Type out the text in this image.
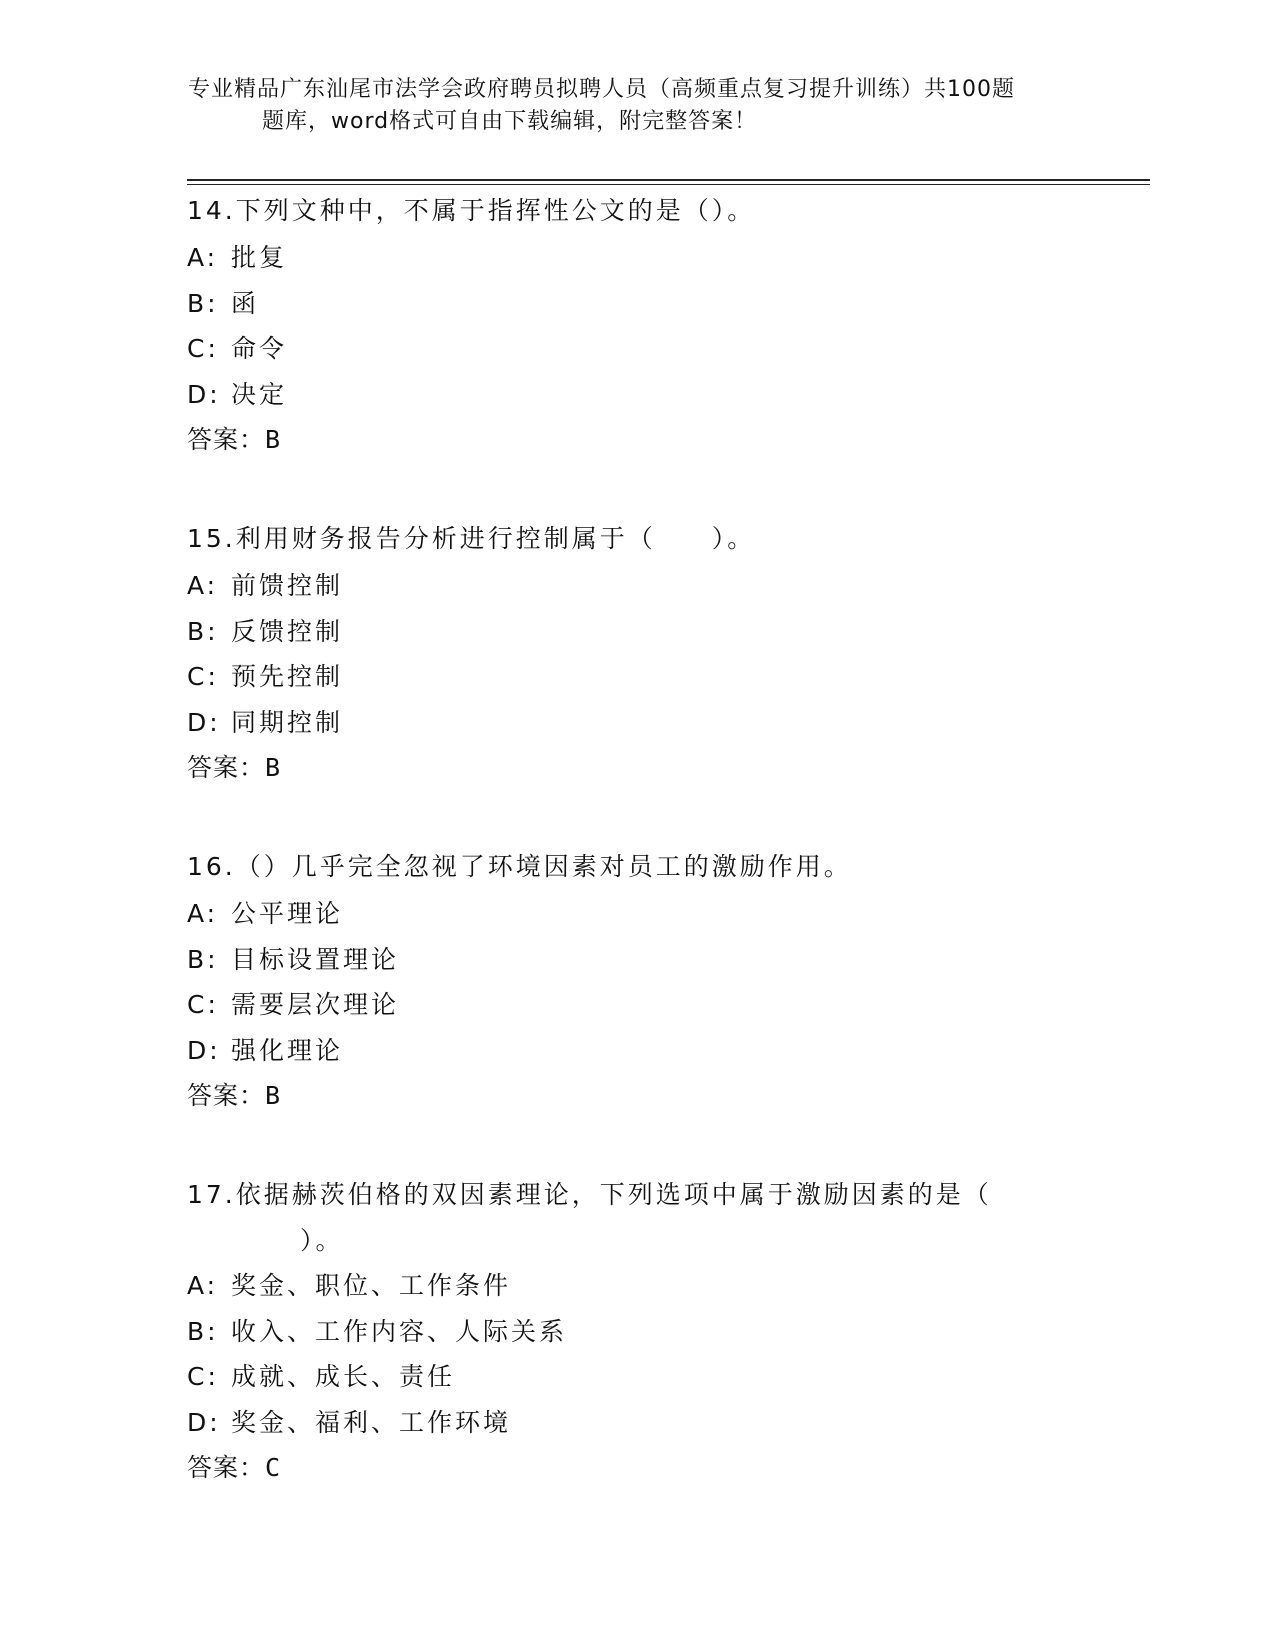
专业精品广东汕尾市法学会政府聘员拟聘人员（高频重点复习提升训练）共100题
题库，word格式可自由下载编辑，附完整答案！
14.下列文种中，不属于指挥性公文的是（）。
A: 批复
B: 函
C: 命令
D: 决定
答案：B
15.利用财务报告分析进行控制属于（　　）。
A: 前馈控制
B: 反馈控制
C: 预先控制
D: 同期控制
答案：B
16.（）几乎完全忽视了环境因素对员工的激励作用。
A: 公平理论
B: 目标设置理论
C: 需要层次理论
D: 强化理论
答案：B
17.依据赫茨伯格的双因素理论，下列选项中属于激励因素的是（
）。
A: 奖金、职位、工作条件
B: 收入、工作内容、人际关系
C: 成就、成长、责任
D: 奖金、福利、工作环境
答案：C
